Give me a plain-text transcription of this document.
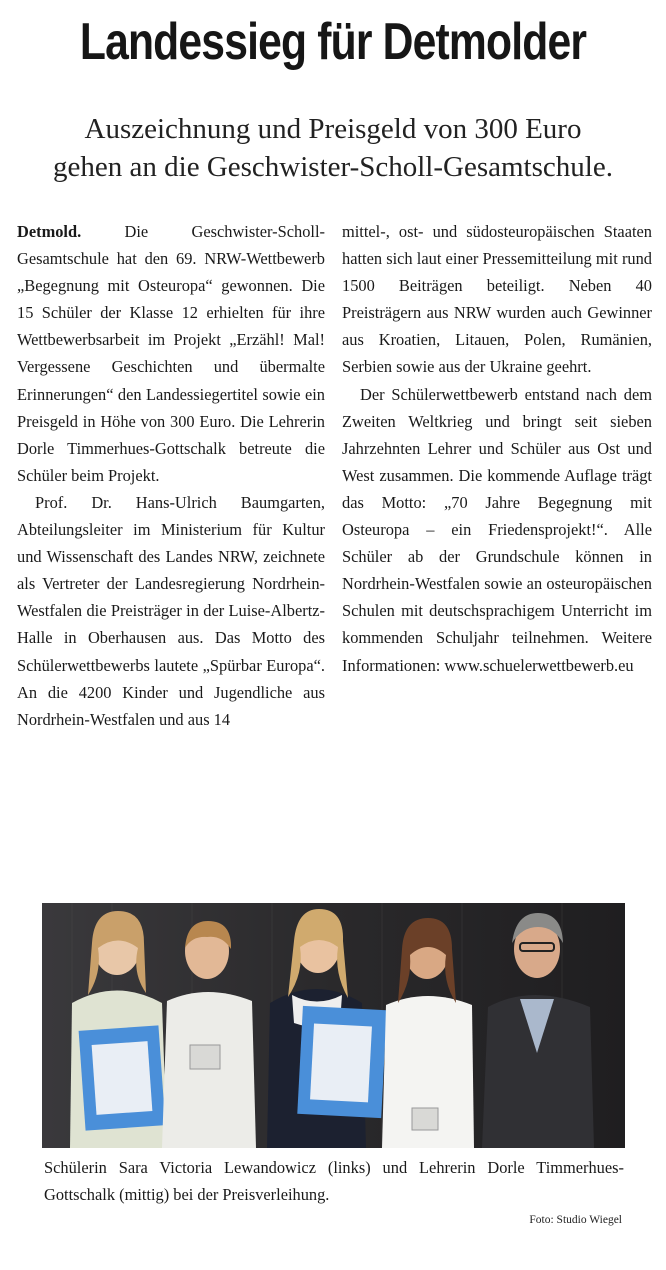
Landessieg für Detmolder
Auszeichnung und Preisgeld von 300 Euro
gehen an die Geschwister-Scholl-Gesamtschule.

Detmold.	Die Geschwister-Scholl-Gesamtschule hat den 69. NRW-Wettbewerb „Begegnung mit Osteuropa“ gewonnen. Die 15 Schüler der Klasse 12 erhielten für ihre Wettbewerbsarbeit im Projekt „Erzähl! Mal! Vergessene Geschichten und übermalte Erinnerungen“ den Landessiegertitel sowie ein Preisgeld in Höhe von 300 Euro. Die Lehrerin Dorle Timmerhues-Gottschalk betreute die Schüler beim Projekt.

Prof. Dr. Hans-Ulrich Baumgarten, Abteilungsleiter im Ministerium für Kultur und Wissenschaft des Landes NRW, zeichnete als Vertreter der Landesregierung Nordrhein-Westfalen die Preisträger in der Luise-Albertz-Halle in Oberhausen aus. Das Motto des Schülerwettbewerbs lautete „Spürbar Europa“. An die 4200 Kinder und Jugendliche aus Nordrhein-Westfalen und aus 14

mittel-, ost- und südosteuropäischen Staaten hatten sich laut einer Pressemitteilung mit rund 1500 Beiträgen beteiligt. Neben 40 Preisträgern aus NRW wurden auch Gewinner aus Kroatien, Litauen, Polen, Rumänien, Serbien sowie aus der Ukraine geehrt.

Der Schülerwettbewerb entstand nach dem Zweiten Weltkrieg und bringt seit sieben Jahrzehnten Lehrer und Schüler aus Ost und West zusammen. Die kommende Auflage trägt das Motto: „70 Jahre Begegnung mit Osteuropa – ein Friedensprojekt!“. Alle Schüler ab der Grundschule können in Nordrhein-Westfalen sowie an osteuropäischen Schulen mit deutschsprachigem Unterricht im kommenden Schuljahr teilnehmen. Weitere Informationen: www.schuelerwettbewerb.eu

Schülerin Sara Victoria Lewandowicz (links) und Lehrerin Dorle Timmerhues-Gottschalk (mittig) bei der Preisverleihung.
Foto: Studio Wiegel
